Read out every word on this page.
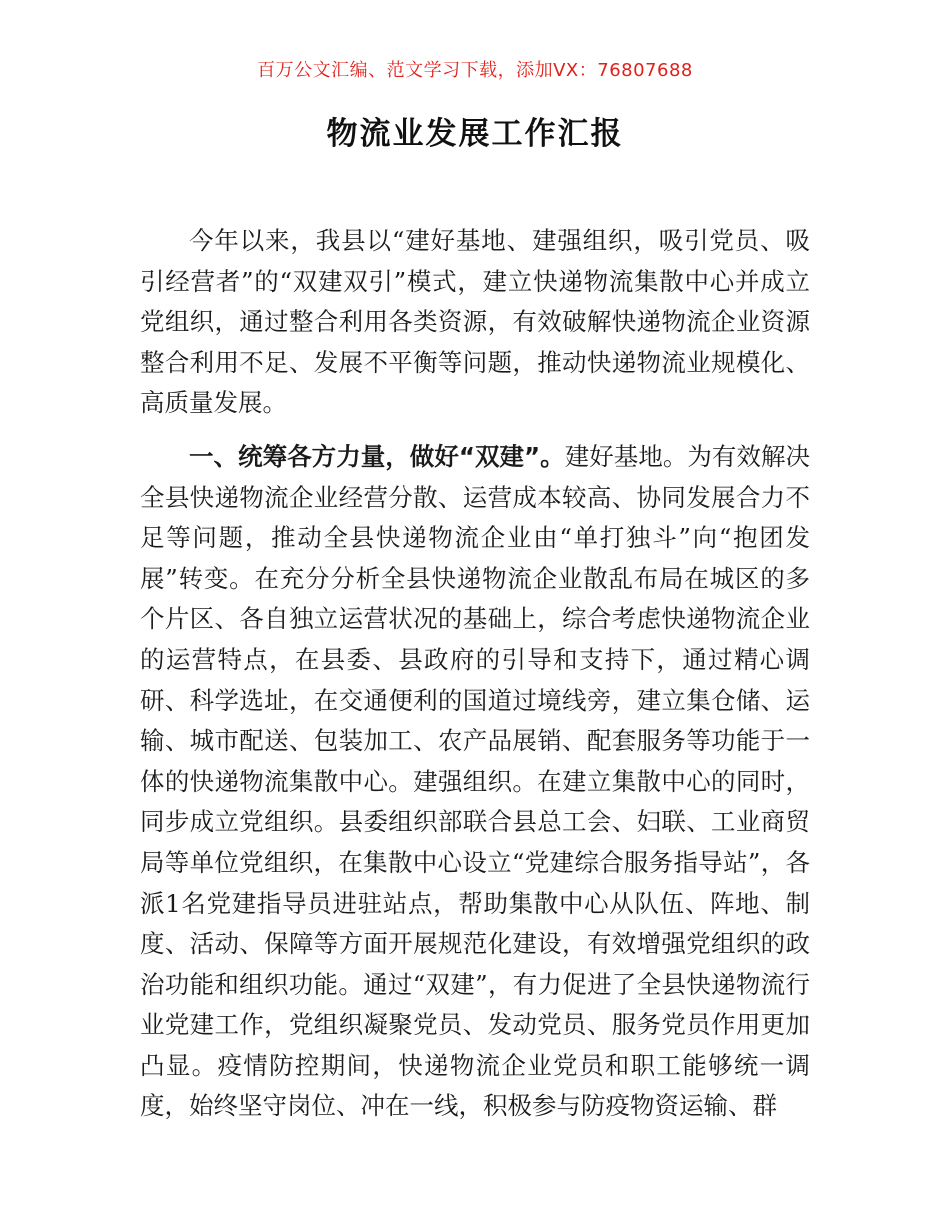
百万公文汇编、范文学习下载，添加VX：76807688
物流业发展工作汇报

今年以来，我县以“建好基地、建强组织，吸引党员、吸引经营者”的“双建双引”模式，建立快递物流集散中心并成立党组织，通过整合利用各类资源，有效破解快递物流企业资源整合利用不足、发展不平衡等问题，推动快递物流业规模化、高质量发展。

一、统筹各方力量，做好“双建”。建好基地。为有效解决全县快递物流企业经营分散、运营成本较高、协同发展合力不足等问题，推动全县快递物流企业由“单打独斗”向“抱团发展”转变。在充分分析全县快递物流企业散乱布局在城区的多个片区、各自独立运营状况的基础上，综合考虑快递物流企业的运营特点，在县委、县政府的引导和支持下，通过精心调研、科学选址，在交通便利的国道过境线旁，建立集仓储、运输、城市配送、包装加工、农产品展销、配套服务等功能于一体的快递物流集散中心。建强组织。在建立集散中心的同时，同步成立党组织。县委组织部联合县总工会、妇联、工业商贸局等单位党组织，在集散中心设立“党建综合服务指导站”，各派1名党建指导员进驻站点，帮助集散中心从队伍、阵地、制度、活动、保障等方面开展规范化建设，有效增强党组织的政治功能和组织功能。通过“双建”，有力促进了全县快递物流行业党建工作，党组织凝聚党员、发动党员、服务党员作用更加凸显。疫情防控期间，快递物流企业党员和职工能够统一调度，始终坚守岗位、冲在一线，积极参与防疫物资运输、群
